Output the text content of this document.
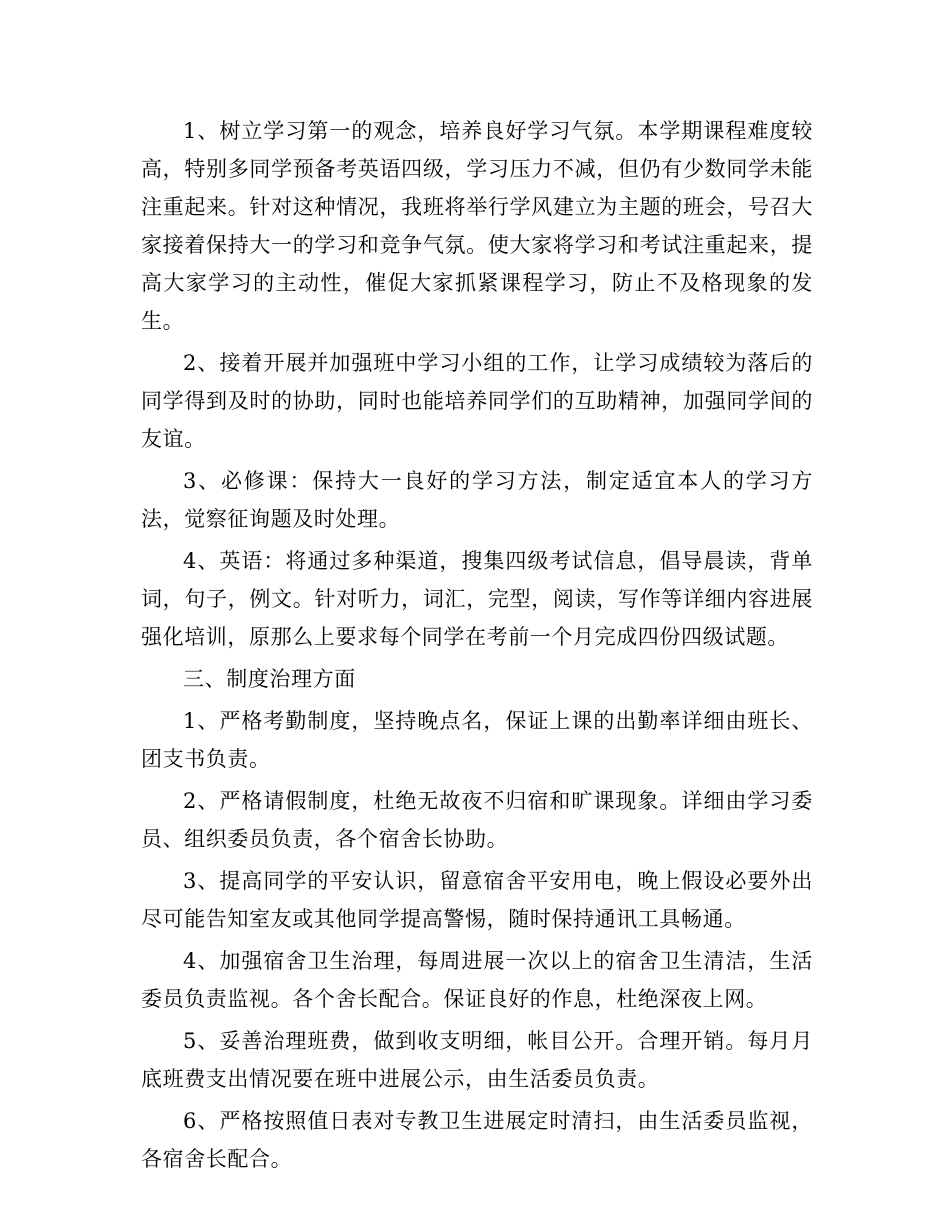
1、树立学习第一的观念，培养良好学习气氛。本学期课程难度较高，特别多同学预备考英语四级，学习压力不减，但仍有少数同学未能注重起来。针对这种情况，我班将举行学风建立为主题的班会，号召大家接着保持大一的学习和竞争气氛。使大家将学习和考试注重起来，提高大家学习的主动性，催促大家抓紧课程学习，防止不及格现象的发生。

2、接着开展并加强班中学习小组的工作，让学习成绩较为落后的同学得到及时的协助，同时也能培养同学们的互助精神，加强同学间的友谊。

3、必修课：保持大一良好的学习方法，制定适宜本人的学习方法，觉察征询题及时处理。

4、英语：将通过多种渠道，搜集四级考试信息，倡导晨读，背单词，句子，例文。针对听力，词汇，完型，阅读，写作等详细内容进展强化培训，原那么上要求每个同学在考前一个月完成四份四级试题。

三、制度治理方面

1、严格考勤制度，坚持晚点名，保证上课的出勤率详细由班长、团支书负责。

2、严格请假制度，杜绝无故夜不归宿和旷课现象。详细由学习委员、组织委员负责，各个宿舍长协助。

3、提高同学的平安认识，留意宿舍平安用电，晚上假设必要外出尽可能告知室友或其他同学提高警惕，随时保持通讯工具畅通。

4、加强宿舍卫生治理，每周进展一次以上的宿舍卫生清洁，生活委员负责监视。各个舍长配合。保证良好的作息，杜绝深夜上网。

5、妥善治理班费，做到收支明细，帐目公开。合理开销。每月月底班费支出情况要在班中进展公示，由生活委员负责。

6、严格按照值日表对专教卫生进展定时清扫，由生活委员监视，各宿舍长配合。
